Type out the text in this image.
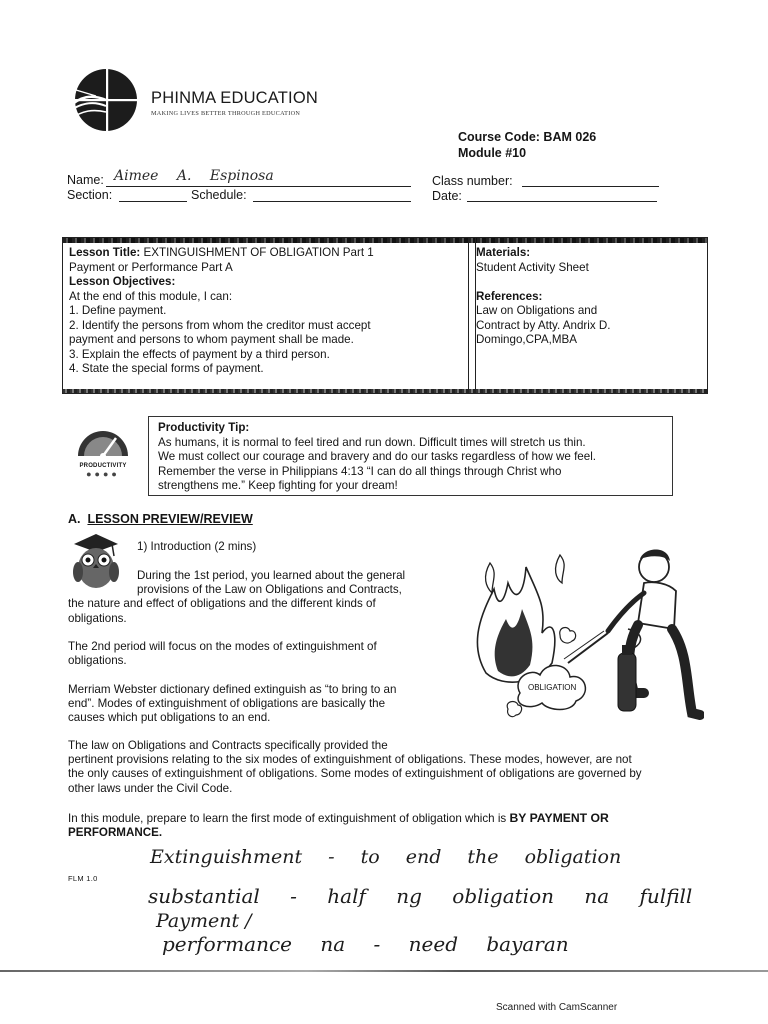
PHINMA EDUCATION
MAKING LIVES BETTER THROUGH EDUCATION
Course Code: BAM 026
Module #10
Name: Aimee A. Espinosa
Section:	Schedule:
Class number:
Date:
Lesson Title: EXTINGUISHMENT OF OBLIGATION Part 1
Payment or Performance Part A
Lesson Objectives:
At the end of this module, I can:
1. Define payment.
2. Identify the persons from whom the creditor must accept
payment and persons to whom payment shall be made.
3. Explain the effects of payment by a third person.
4. State the special forms of payment.
Materials:
Student Activity Sheet
References:
Law on Obligations and
Contract by Atty. Andrix D.
Domingo,CPA,MBA
PRODUCTIVITY
●●●●
Productivity Tip:
As humans, it is normal to feel tired and run down. Difficult times will stretch us thin.
We must collect our courage and bravery and do our tasks regardless of how we feel.
Remember the verse in Philippians 4:13 “I can do all things through Christ who
strengthens me.” Keep fighting for your dream!
A. LESSON PREVIEW/REVIEW
1) Introduction (2 mins)
During the 1st period, you learned about the general
provisions of the Law on Obligations and Contracts,
the nature and effect of obligations and the different kinds of
obligations.
The 2nd period will focus on the modes of extinguishment of
obligations.
Merriam Webster dictionary defined extinguish as “to bring to an
end”. Modes of extinguishment of obligations are basically the
causes which put obligations to an end.
OBLIGATION
The law on Obligations and Contracts specifically provided the
pertinent provisions relating to the six modes of extinguishment of obligations. These modes, however, are not
the only causes of extinguishment of obligations. Some modes of extinguishment of obligations are governed by
other laws under the Civil Code.
In this module, prepare to learn the first mode of extinguishment of obligation which is BY PAYMENT OR
PERFORMANCE.
Extinguishment - to end the obligation
substantial - half ng obligation na fulfill
Payment /
performance na - need bayaran
FLM 1.0
Scanned with CamScanner
